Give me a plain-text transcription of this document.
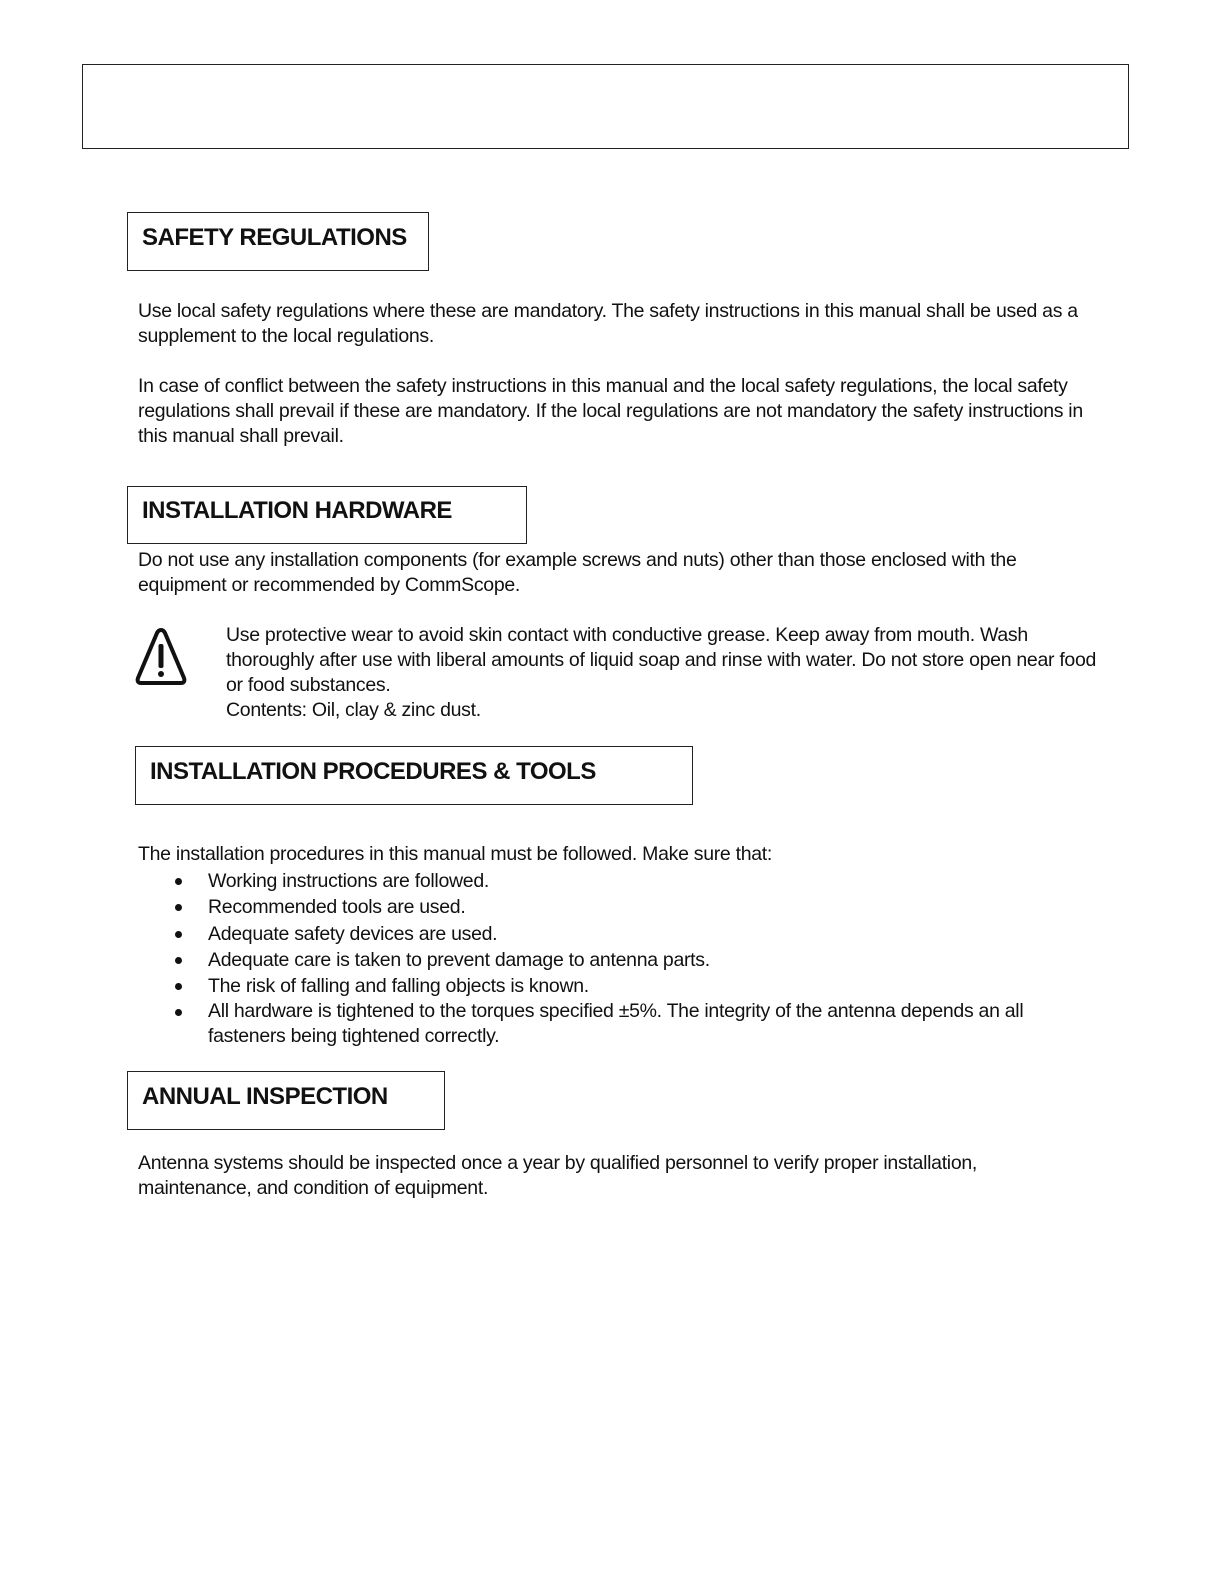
SAFETY REGULATIONS

Use local safety regulations where these are mandatory. The safety instructions in this manual shall be used as a supplement to the local regulations.

In case of conflict between the safety instructions in this manual and the local safety regulations, the local safety regulations shall prevail if these are mandatory. If the local regulations are not mandatory the safety instructions in this manual shall prevail.

INSTALLATION HARDWARE

Do not use any installation components (for example screws and nuts) other than those enclosed with the equipment or recommended by CommScope.

Use protective wear to avoid skin contact with conductive grease. Keep away from mouth. Wash thoroughly after use with liberal amounts of liquid soap and rinse with water. Do not store open near food or food substances.

Contents: Oil, clay & zinc dust.

INSTALLATION PROCEDURES & TOOLS

The installation procedures in this manual must be followed. Make sure that:

Working instructions are followed.
Recommended tools are used.
Adequate safety devices are used.
Adequate care is taken to prevent damage to antenna parts.
The risk of falling and falling objects is known.
All hardware is tightened to the torques specified ±5%. The integrity of the antenna depends an all fasteners being tightened correctly.
ANNUAL INSPECTION

Antenna systems should be inspected once a year by qualified personnel to verify proper installation, maintenance, and condition of equipment.
